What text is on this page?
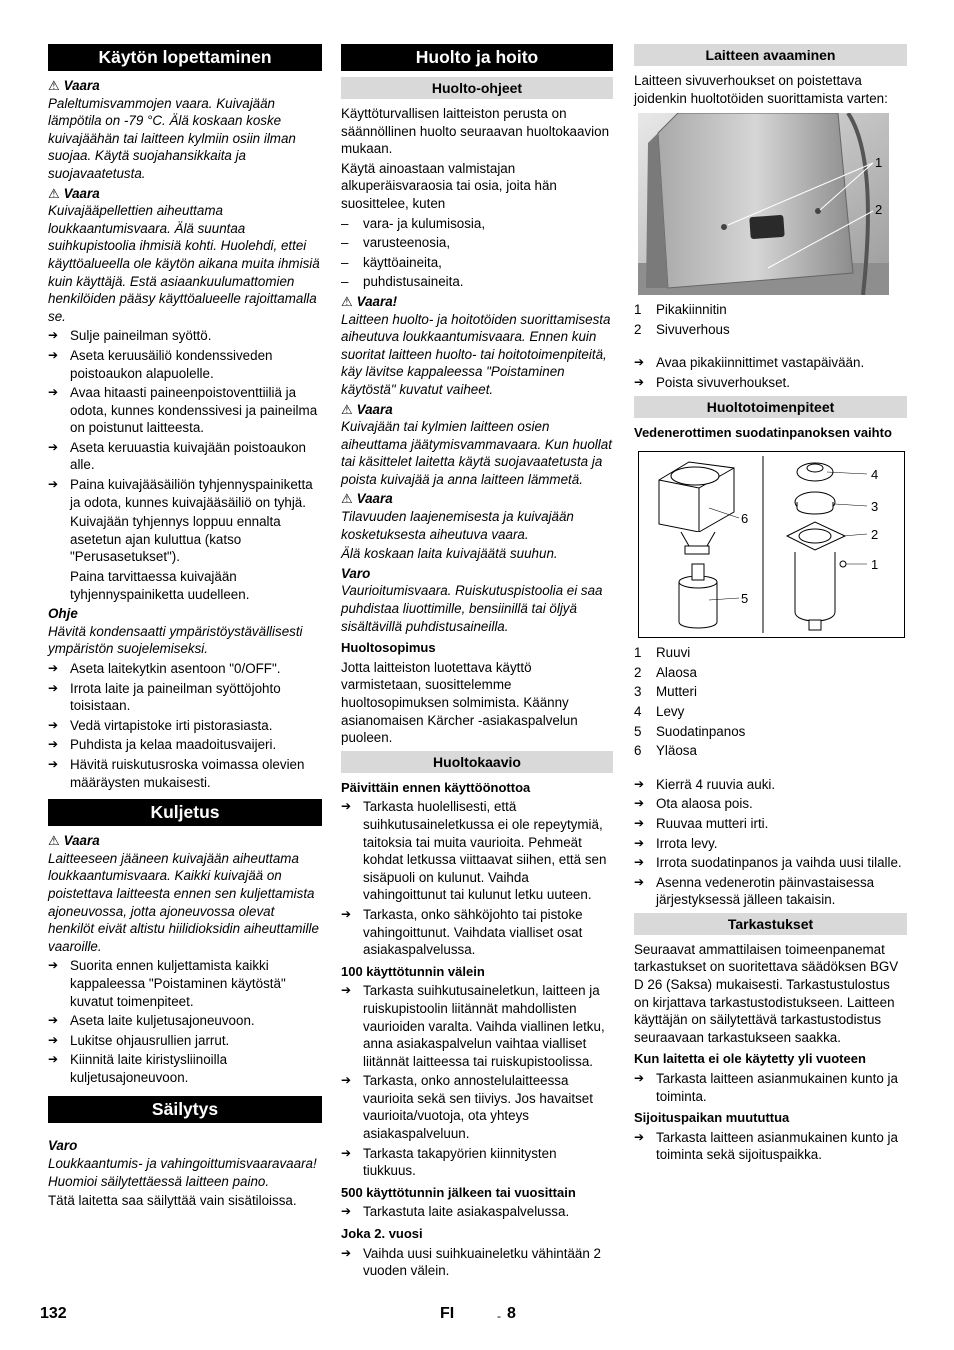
Käytön lopettaminen
⚠ Vaara

Paleltumisvammojen vaara. Kuivajään lämpötila on -79 °C. Älä koskaan koske kuivajäähän tai laitteen kylmiin osiin ilman suojaa. Käytä suojahansikkaita ja suojavaatetusta.

⚠ Vaara

Kuivajääpellettien aiheuttama loukkaantumisvaara. Älä suuntaa suihkupistoolia ihmisiä kohti. Huolehdi, ettei käyttöalueella ole käytön aikana muita ihmisiä kuin käyttäjä. Estä asiaankuulumattomien henkilöiden pääsy käyttöalueelle rajoittamalla se.

➔ Sulje paineilman syöttö.
➔ Aseta keruusäiliö kondenssiveden poistoaukon alapuolelle.
➔ Avaa hitaasti paineenpoistoventtiiliä ja odota, kunnes kondenssivesi ja paineilma on poistunut laitteesta.
➔ Aseta keruuastia kuivajään poistoaukon alle.
➔ Paina kuivajääsäiliön tyhjennyspainiketta ja odota, kunnes kuivajääsäiliö on tyhjä.

Kuivajään tyhjennys loppuu ennalta asetetun ajan kuluttua (katso "Perusasetukset").

Paina tarvittaessa kuivajään tyhjennyspainiketta uudelleen.

Ohje

Hävitä kondensaatti ympäristöystävällisesti ympäristön suojelemiseksi.

➔ Aseta laitekytkin asentoon "0/OFF".
➔ Irrota laite ja paineilman syöttöjohto toisistaan.
➔ Vedä virtapistoke irti pistorasiasta.
➔ Puhdista ja kelaa maadoitusvaijeri.
➔ Hävitä ruiskutusroska voimassa olevien määräysten mukaisesti.
Kuljetus
⚠ Vaara

Laitteeseen jääneen kuivajään aiheuttama loukkaantumisvaara. Kaikki kuivajää on poistettava laitteesta ennen sen kuljettamista ajoneuvossa, jotta ajoneuvossa olevat henkilöt eivät altistu hiilidioksidin aiheuttamille vaaroille.

➔ Suorita ennen kuljettamista kaikki kappaleessa "Poistaminen käytöstä" kuvatut toimenpiteet.
➔ Aseta laite kuljetusajoneuvoon.
➔ Lukitse ohjausrullien jarrut.
➔ Kiinnitä laite kiristysliinoilla kuljetusajoneuvoon.
Säilytys
Varo

Loukkaantumis- ja vahingoittumisvaaravaara! Huomioi säilytettäessä laitteen paino.

Tätä laitetta saa säilyttää vain sisätiloissa.

Huolto ja hoito
Huolto-ohjeet

Käyttöturvallisen laitteiston perusta on säännöllinen huolto seuraavan huoltokaavion mukaan.

Käytä ainoastaan valmistajan alkuperäisvaraosia tai osia, joita hän suosittelee, kuten

– vara- ja kulumisosia,
– varusteenosia,
– käyttöaineita,
– puhdistusaineita.
⚠ Vaara!

Laitteen huolto- ja hoitotöiden suorittamisesta aiheutuva loukkaantumisvaara. Ennen kuin suoritat laitteen huolto- tai hoitotoimenpiteitä, käy lävitse kappaleessa "Poistaminen käytöstä" kuvatut vaiheet.

⚠ Vaara

Kuivajään tai kylmien laitteen osien aiheuttama jäätymisvammavaara. Kun huollat tai käsittelet laitetta käytä suojavaatetusta ja poista kuivajää ja anna laitteen lämmetä.

⚠ Vaara

Tilavuuden laajenemisesta ja kuivajään kosketuksesta aiheutuva vaara.

Älä koskaan laita kuivajäätä suuhun.

Varo

Vaurioitumisvaara. Ruiskutuspistoolia ei saa puhdistaa liuottimille, bensiinillä tai öljyä sisältävillä puhdistusaineilla.

Huoltosopimus

Jotta laitteiston luotettava käyttö varmistetaan, suosittelemme huoltosopimuksen solmimista. Käänny asianomaisen Kärcher -asiakaspalvelun puoleen.

Huoltokaavio
Päivittäin ennen käyttöönottoa
➔ Tarkasta huolellisesti, että suihkutusaineletkussa ei ole repeytymiä, taitoksia tai muita vaurioita. Pehmeät kohdat letkussa viittaavat siihen, että sen sisäpuoli on kulunut. Vaihda vahingoittunut tai kulunut letku uuteen.
➔ Tarkasta, onko sähköjohto tai pistoke vahingoittunut. Vaihdata vialliset osat asiakaspalvelussa.
100 käyttötunnin välein
➔ Tarkasta suihkutusaineletkun, laitteen ja ruiskupistoolin liitännät mahdollisten vaurioiden varalta. Vaihda viallinen letku, anna asiakaspalvelun vaihtaa vialliset liitännät laitteessa tai ruiskupistoolissa.
➔ Tarkasta, onko annostelulaitteessa vaurioita sekä sen tiiviys. Jos havaitset vaurioita/vuotoja, ota yhteys asiakaspalveluun.
➔ Tarkasta takapyörien kiinnitysten tiukkuus.
500 käyttötunnin jälkeen tai vuosittain
➔ Tarkastuta laite asiakaspalvelussa.
Joka 2. vuosi
➔ Vaihda uusi suihkuaineletku vähintään 2 vuoden välein.
Laitteen avaaminen

Laitteen sivuverhoukset on poistettava joidenkin huoltotöiden suorittamista varten:

1
2
1 Pikakiinnitin
2 Sivuverhous
➔ Avaa pikakiinnittimet vastapäivään.
➔ Poista sivuverhoukset.
Huoltotoimenpiteet
Vedenerottimen suodatinpanoksen vaihto
6
5
4
3
2
1
1 Ruuvi
2 Alaosa
3 Mutteri
4 Levy
5 Suodatinpanos
6 Yläosa
➔ Kierrä 4 ruuvia auki.
➔ Ota alaosa pois.
➔ Ruuvaa mutteri irti.
➔ Irrota levy.
➔ Irrota suodatinpanos ja vaihda uusi tilalle.
➔ Asenna vedenerotin päinvastaisessa järjestyksessä jälleen takaisin.
Tarkastukset

Seuraavat ammattilaisen toimeenpanemat tarkastukset on suoritettava säädöksen BGV D 26 (Saksa) mukaisesti. Tarkastustulostus on kirjattava tarkastustodistukseen. Laitteen käyttäjän on säilytettävä tarkastustodistus seuraavaan tarkastukseen saakka.

Kun laitetta ei ole käytetty yli vuoteen
➔ Tarkasta laitteen asianmukainen kunto ja toiminta.
Sijoituspaikan muututtua
➔ Tarkasta laitteen asianmukainen kunto ja toiminta sekä sijoituspaikka.
132	FI	- 8
